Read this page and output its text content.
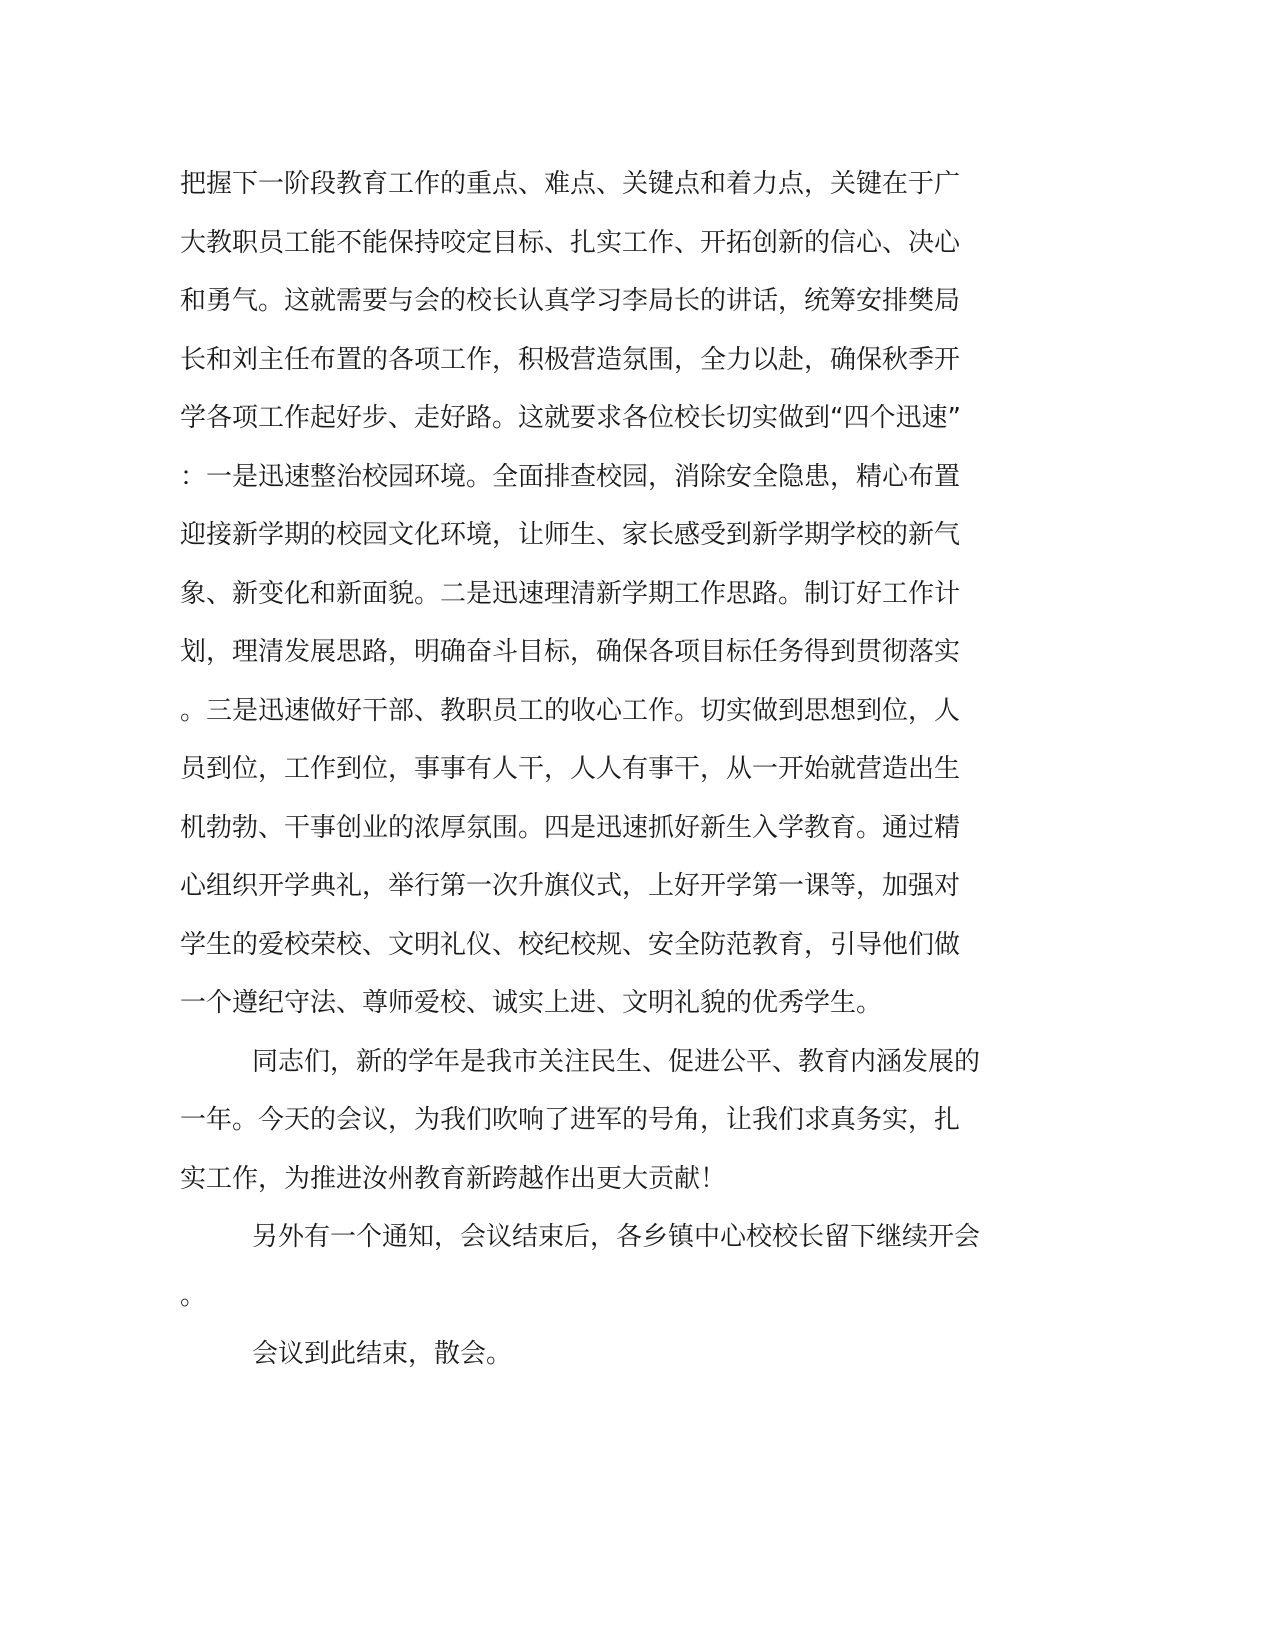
把握下一阶段教育工作的重点、难点、关键点和着力点，关键在于广
大教职员工能不能保持咬定目标、扎实工作、开拓创新的信心、决心
和勇气。这就需要与会的校长认真学习李局长的讲话，统筹安排樊局
长和刘主任布置的各项工作，积极营造氛围，全力以赴，确保秋季开
学各项工作起好步、走好路。这就要求各位校长切实做到“四个迅速”
：一是迅速整治校园环境。全面排查校园，消除安全隐患，精心布置
迎接新学期的校园文化环境，让师生、家长感受到新学期学校的新气
象、新变化和新面貌。二是迅速理清新学期工作思路。制订好工作计
划，理清发展思路，明确奋斗目标，确保各项目标任务得到贯彻落实
。三是迅速做好干部、教职员工的收心工作。切实做到思想到位，人
员到位，工作到位，事事有人干，人人有事干，从一开始就营造出生
机勃勃、干事创业的浓厚氛围。四是迅速抓好新生入学教育。通过精
心组织开学典礼，举行第一次升旗仪式，上好开学第一课等，加强对
学生的爱校荣校、文明礼仪、校纪校规、安全防范教育，引导他们做
一个遵纪守法、尊师爱校、诚实上进、文明礼貌的优秀学生。
同志们，新的学年是我市关注民生、促进公平、教育内涵发展的
一年。今天的会议，为我们吹响了进军的号角，让我们求真务实，扎
实工作，为推进汝州教育新跨越作出更大贡献！
另外有一个通知，会议结束后，各乡镇中心校校长留下继续开会
。
会议到此结束，散会。
